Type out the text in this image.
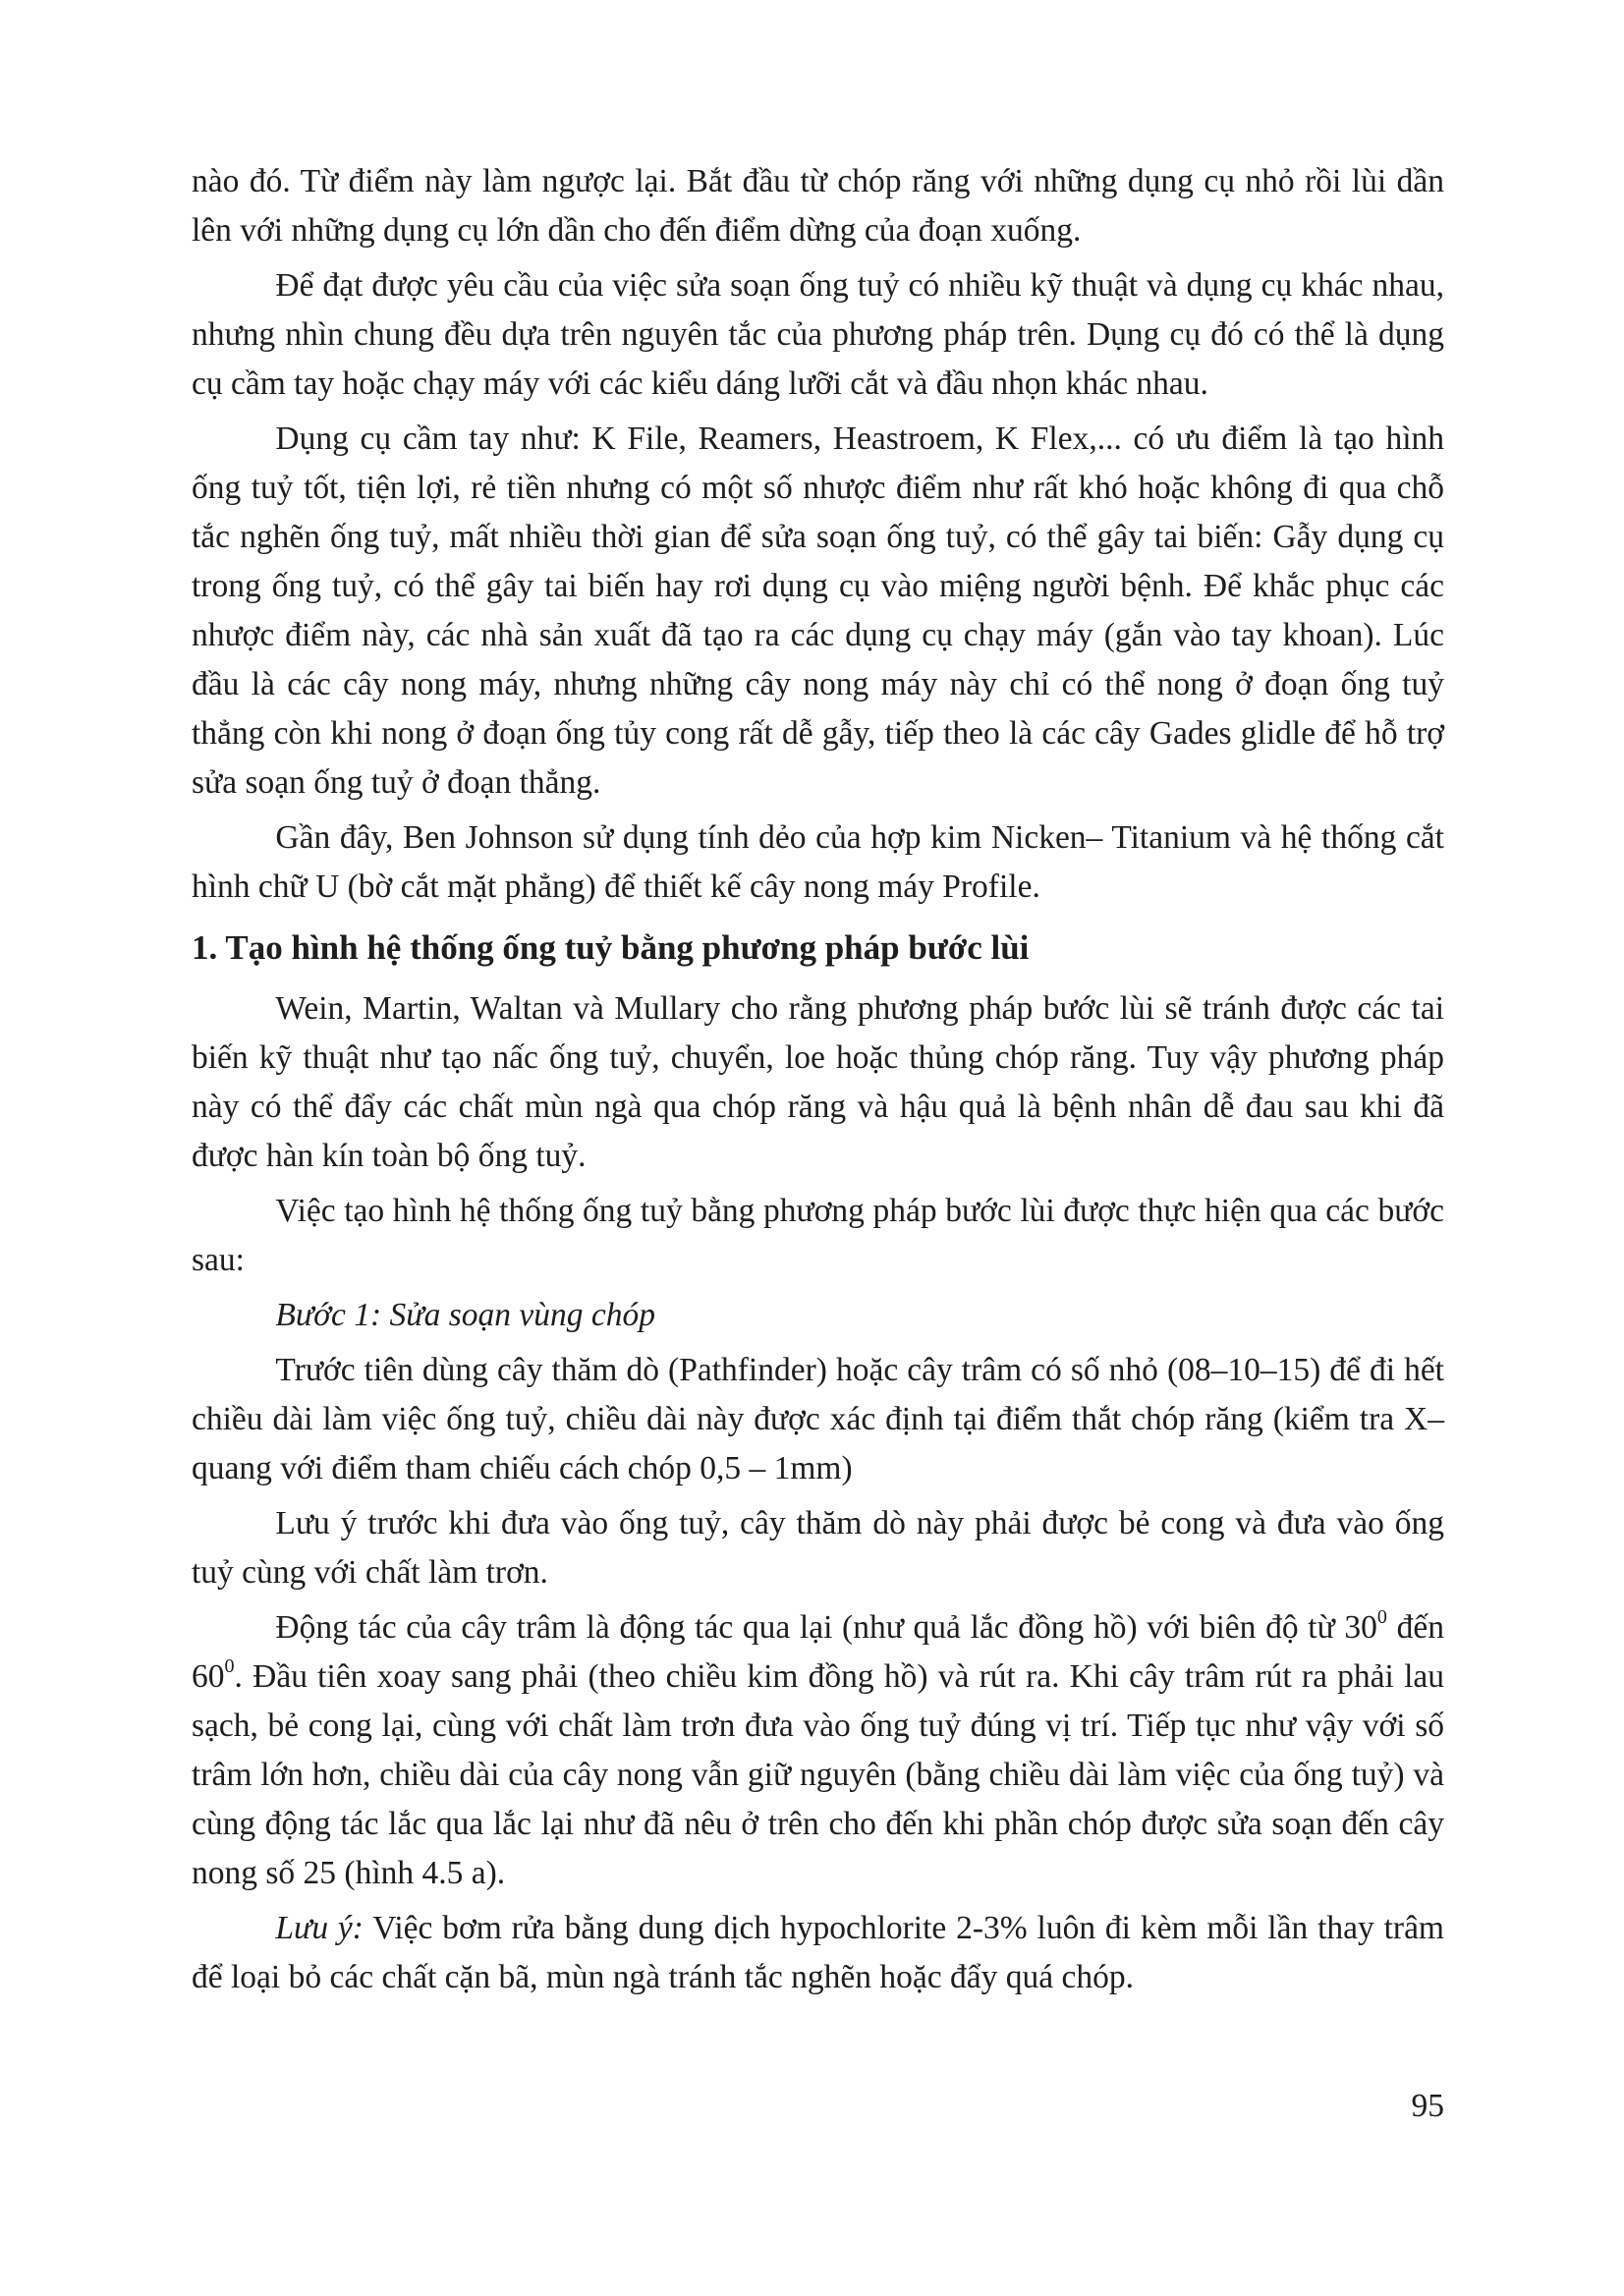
nào đó. Từ điểm này làm ngược lại. Bắt đầu từ chóp răng với những dụng cụ nhỏ rồi lùi dần lên với những dụng cụ lớn dần cho đến điểm dừng của đoạn xuống.

Để đạt được yêu cầu của việc sửa soạn ống tuỷ có nhiều kỹ thuật và dụng cụ khác nhau, nhưng nhìn chung đều dựa trên nguyên tắc của phương pháp trên. Dụng cụ đó có thể là dụng cụ cầm tay hoặc chạy máy với các kiểu dáng lưỡi cắt và đầu nhọn khác nhau.

Dụng cụ cầm tay như: K File, Reamers, Heastroem, K Flex,... có ưu điểm là tạo hình ống tuỷ tốt, tiện lợi, rẻ tiền nhưng có một số nhược điểm như rất khó hoặc không đi qua chỗ tắc nghẽn ống tuỷ, mất nhiều thời gian để sửa soạn ống tuỷ, có thể gây tai biến: Gẫy dụng cụ trong ống tuỷ, có thể gây tai biến hay rơi dụng cụ vào miệng người bệnh. Để khắc phục các nhược điểm này, các nhà sản xuất đã tạo ra các dụng cụ chạy máy (gắn vào tay khoan). Lúc đầu là các cây nong máy, nhưng những cây nong máy này chỉ có thể nong ở đoạn ống tuỷ thẳng còn khi nong ở đoạn ống tủy cong rất dễ gẫy, tiếp theo là các cây Gades glidle để hỗ trợ sửa soạn ống tuỷ ở đoạn thẳng.

Gần đây, Ben Johnson sử dụng tính dẻo của hợp kim Nicken– Titanium và hệ thống cắt hình chữ U (bờ cắt mặt phẳng) để thiết kế cây nong máy Profile.

1. Tạo hình hệ thống ống tuỷ bằng phương pháp bước lùi

Wein, Martin, Waltan và Mullary cho rằng phương pháp bước lùi sẽ tránh được các tai biến kỹ thuật như tạo nấc ống tuỷ, chuyển, loe hoặc thủng chóp răng. Tuy vậy phương pháp này có thể đẩy các chất mùn ngà qua chóp răng và hậu quả là bệnh nhân dễ đau sau khi đã được hàn kín toàn bộ ống tuỷ.

Việc tạo hình hệ thống ống tuỷ bằng phương pháp bước lùi được thực hiện qua các bước sau:

Bước 1: Sửa soạn vùng chóp

Trước tiên dùng cây thăm dò (Pathfinder) hoặc cây trâm có số nhỏ (08–10–15) để đi hết chiều dài làm việc ống tuỷ, chiều dài này được xác định tại điểm thắt chóp răng (kiểm tra X–quang với điểm tham chiếu cách chóp 0,5 – 1mm)

Lưu ý trước khi đưa vào ống tuỷ, cây thăm dò này phải được bẻ cong và đưa vào ống tuỷ cùng với chất làm trơn.

Động tác của cây trâm là động tác qua lại (như quả lắc đồng hồ) với biên độ từ $30^0$ đến $60^0$. Đầu tiên xoay sang phải (theo chiều kim đồng hồ) và rút ra. Khi cây trâm rút ra phải lau sạch, bẻ cong lại, cùng với chất làm trơn đưa vào ống tuỷ đúng vị trí. Tiếp tục như vậy với số trâm lớn hơn, chiều dài của cây nong vẫn giữ nguyên (bằng chiều dài làm việc của ống tuỷ) và cùng động tác lắc qua lắc lại như đã nêu ở trên cho đến khi phần chóp được sửa soạn đến cây nong số 25 (hình 4.5 a).

Lưu ý: Việc bơm rửa bằng dung dịch hypochlorite 2-3% luôn đi kèm mỗi lần thay trâm để loại bỏ các chất cặn bã, mùn ngà tránh tắc nghẽn hoặc đẩy quá chóp.

95
